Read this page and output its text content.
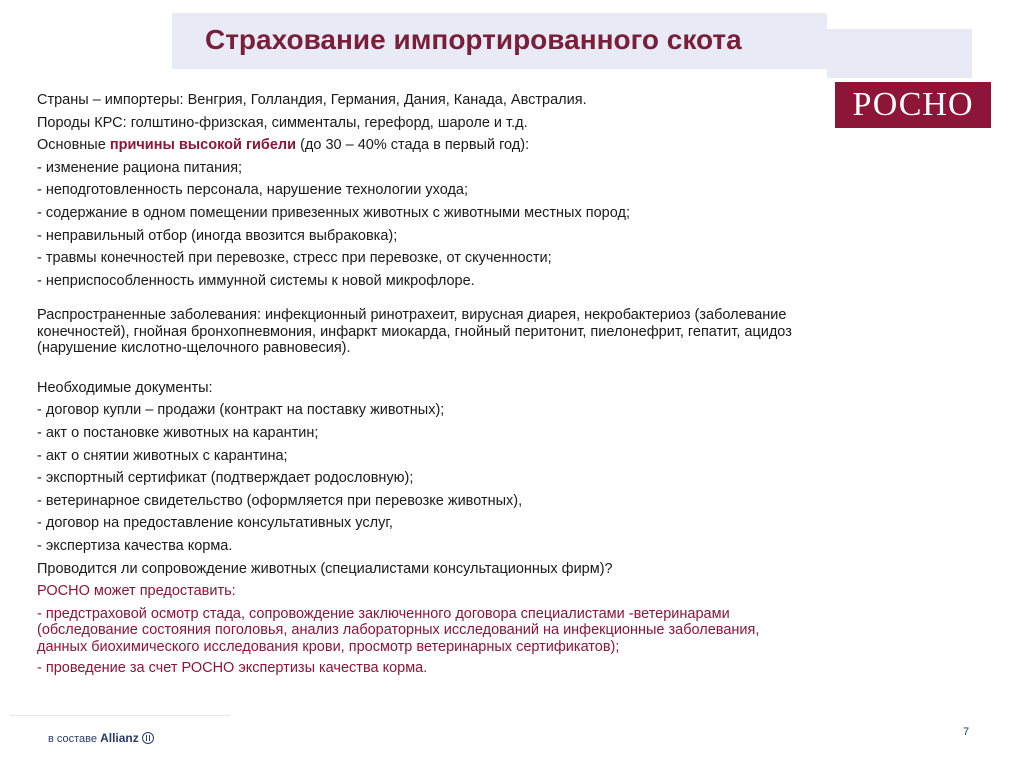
Страхование импортированного скота
РОСНО

Страны – импортеры: Венгрия, Голландия, Германия, Дания, Канада, Австралия.

Породы КРС: голштино-фризская, симменталы, герефорд, шароле и т.д.

Основные причины высокой гибели (до 30 – 40% стада в первый год):

- изменение рациона питания;

- неподготовленность персонала, нарушение технологии ухода;

- содержание в одном помещении привезенных животных с животными местных пород;

- неправильный отбор (иногда ввозится выбраковка);

- травмы конечностей при перевозке, стресс при перевозке, от скученности;

- неприспособленность иммунной системы к новой микрофлоре.

Распространенные заболевания: инфекционный ринотрахеит, вирусная диарея, некробактериоз (заболевание

конечностей), гнойная бронхопневмония, инфаркт миокарда, гнойный перитонит, пиелонефрит, гепатит, ацидоз

(нарушение кислотно-щелочного равновесия).

Необходимые документы:

- договор купли – продажи (контракт на поставку животных);

- акт о постановке животных на карантин;

- акт о снятии животных с карантина;

- экспортный сертификат (подтверждает родословную);

- ветеринарное свидетельство (оформляется при перевозке животных),

- договор на предоставление консультативных услуг,

- экспертиза качества корма.

Проводится ли сопровождение животных (специалистами консультационных фирм)?

РОСНО может предоставить:

- предстраховой осмотр стада, сопровождение заключенного договора специалистами -ветеринарами

(обследование состояния поголовья, анализ лабораторных исследований на инфекционные заболевания,

данных биохимического исследования крови, просмотр ветеринарных сертификатов);

- проведение за счет РОСНО экспертизы качества корма.

в составе Allianz	7
